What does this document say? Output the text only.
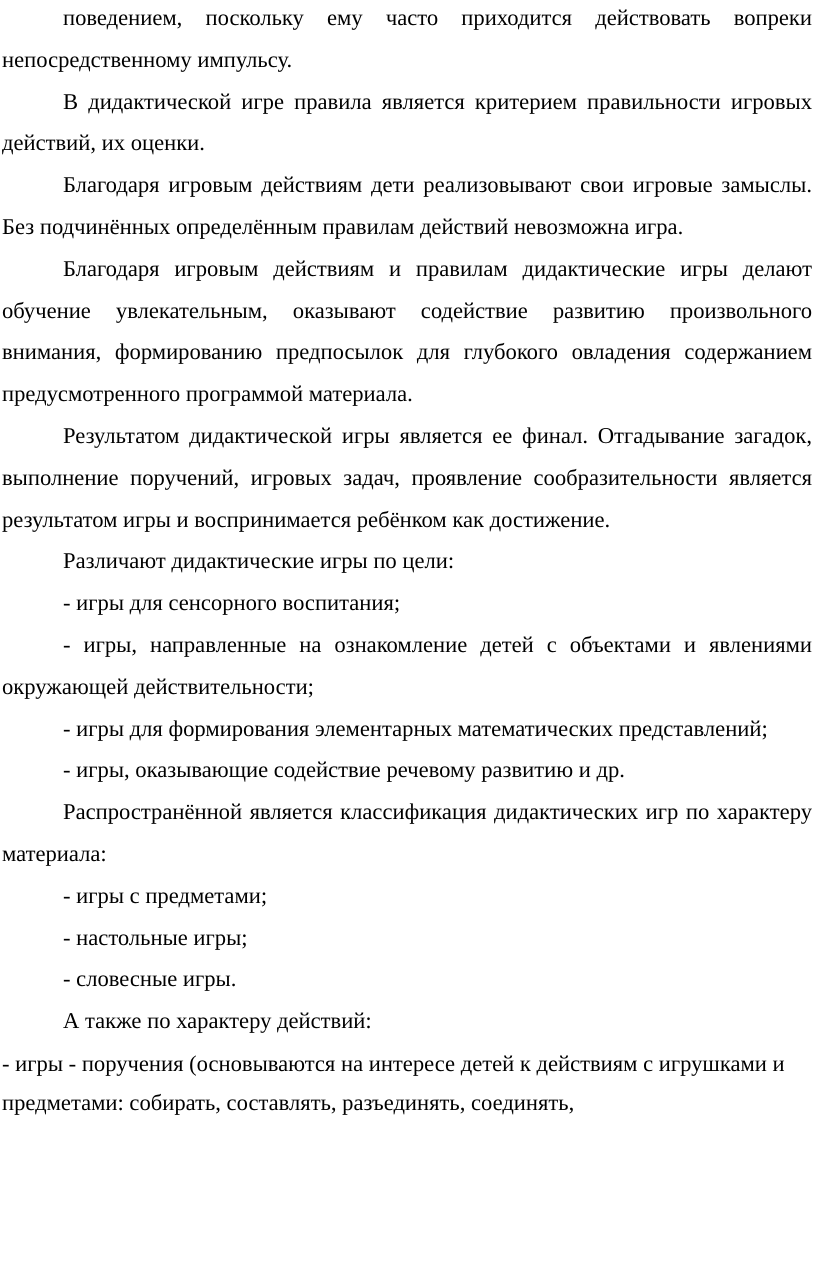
поведением, поскольку ему часто приходится действовать вопреки непосредственному импульсу.

В дидактической игре правила является критерием правильности игровых действий, их оценки.

Благодаря игровым действиям дети реализовывают свои игровые замыслы. Без подчинённых определённым правилам действий невозможна игра.

Благодаря игровым действиям и правилам дидактические игры делают обучение увлекательным, оказывают содействие развитию произвольного внимания, формированию предпосылок для глубокого овладения содержанием предусмотренного программой материала.

Результатом дидактической игры является ее финал. Отгадывание загадок, выполнение поручений, игровых задач, проявление сообразительности является результатом игры и воспринимается ребёнком как достижение.

Различают дидактические игры по цели:

- игры для сенсорного воспитания;

- игры, направленные на ознакомление детей с объектами и явлениями окружающей действительности;

- игры для формирования элементарных математических представлений;

- игры, оказывающие содействие речевому развитию и др.

Распространённой является классификация дидактических игр по характеру материала:

- игры с предметами;

- настольные игры;

- словесные игры.

А также по характеру действий:

- игры - поручения (основываются на интересе детей к действиям с игрушками и предметами: собирать, составлять, разъединять, соединять,
